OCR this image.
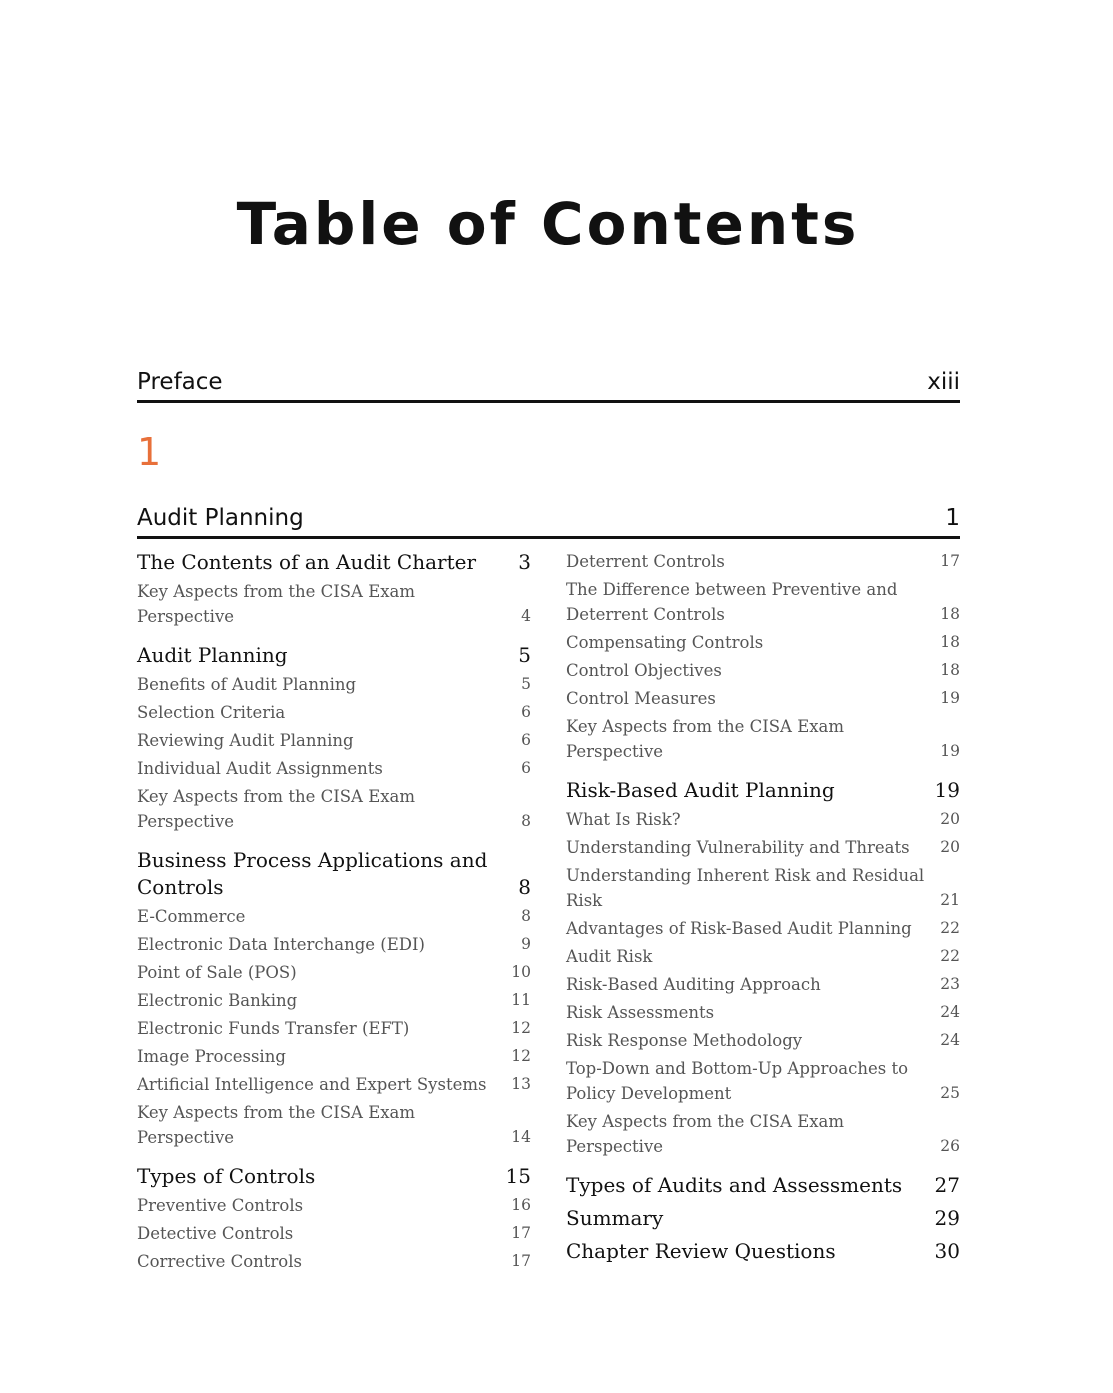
Table of Contents
Preface	xiii
1
Audit Planning	1
The Contents of an Audit Charter	3
Key Aspects from the CISA Exam Perspective	4
Audit Planning	5
Benefits of Audit Planning	5
Selection Criteria	6
Reviewing Audit Planning	6
Individual Audit Assignments	6
Key Aspects from the CISA Exam Perspective	8
Business Process Applications and Controls	8
E-Commerce	8
Electronic Data Interchange (EDI)	9
Point of Sale (POS)	10
Electronic Banking	11
Electronic Funds Transfer (EFT)	12
Image Processing	12
Artificial Intelligence and Expert Systems	13
Key Aspects from the CISA Exam Perspective	14
Types of Controls	15
Preventive Controls	16
Detective Controls	17
Corrective Controls	17
Deterrent Controls	17
The Difference between Preventive and Deterrent Controls	18
Compensating Controls	18
Control Objectives	18
Control Measures	19
Key Aspects from the CISA Exam Perspective	19
Risk-Based Audit Planning	19
What Is Risk?	20
Understanding Vulnerability and Threats	20
Understanding Inherent Risk and Residual Risk	21
Advantages of Risk-Based Audit Planning	22
Audit Risk	22
Risk-Based Auditing Approach	23
Risk Assessments	24
Risk Response Methodology	24
Top-Down and Bottom-Up Approaches to Policy Development	25
Key Aspects from the CISA Exam Perspective	26
Types of Audits and Assessments	27
Summary	29
Chapter Review Questions	30
